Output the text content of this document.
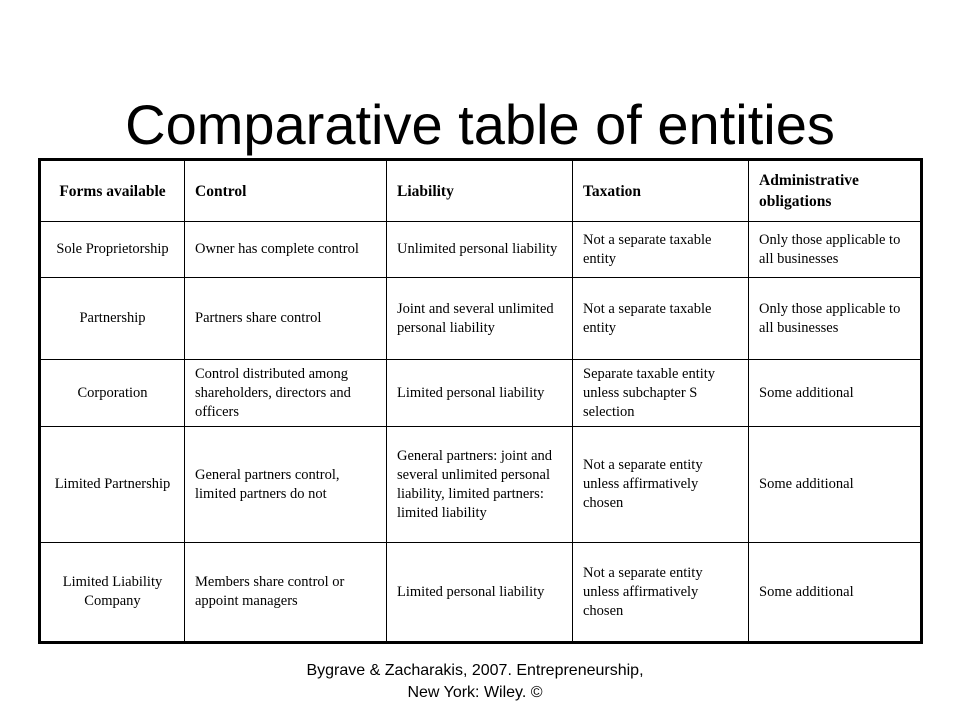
Comparative table of entities
Forms available	Control	Liability	Taxation	Administrative obligations
Sole Proprietorship	Owner has complete control	Unlimited personal liability	Not a separate taxable entity	Only those applicable to all businesses
Partnership	Partners share control	Joint and several unlimited personal liability	Not a separate taxable entity	Only those applicable to all businesses
Corporation	Control distributed among shareholders, directors and officers	Limited personal liability	Separate taxable entity unless subchapter S selection	Some additional
Limited Partnership	General partners control, limited partners do not	General partners: joint and several unlimited personal liability, limited partners: limited liability	Not a separate entity unless affirmatively chosen	Some additional
Limited Liability Company	Members share control or appoint managers	Limited personal liability	Not a separate entity unless affirmatively chosen	Some additional
Bygrave & Zacharakis, 2007. Entrepreneurship,
New York: Wiley. ©
